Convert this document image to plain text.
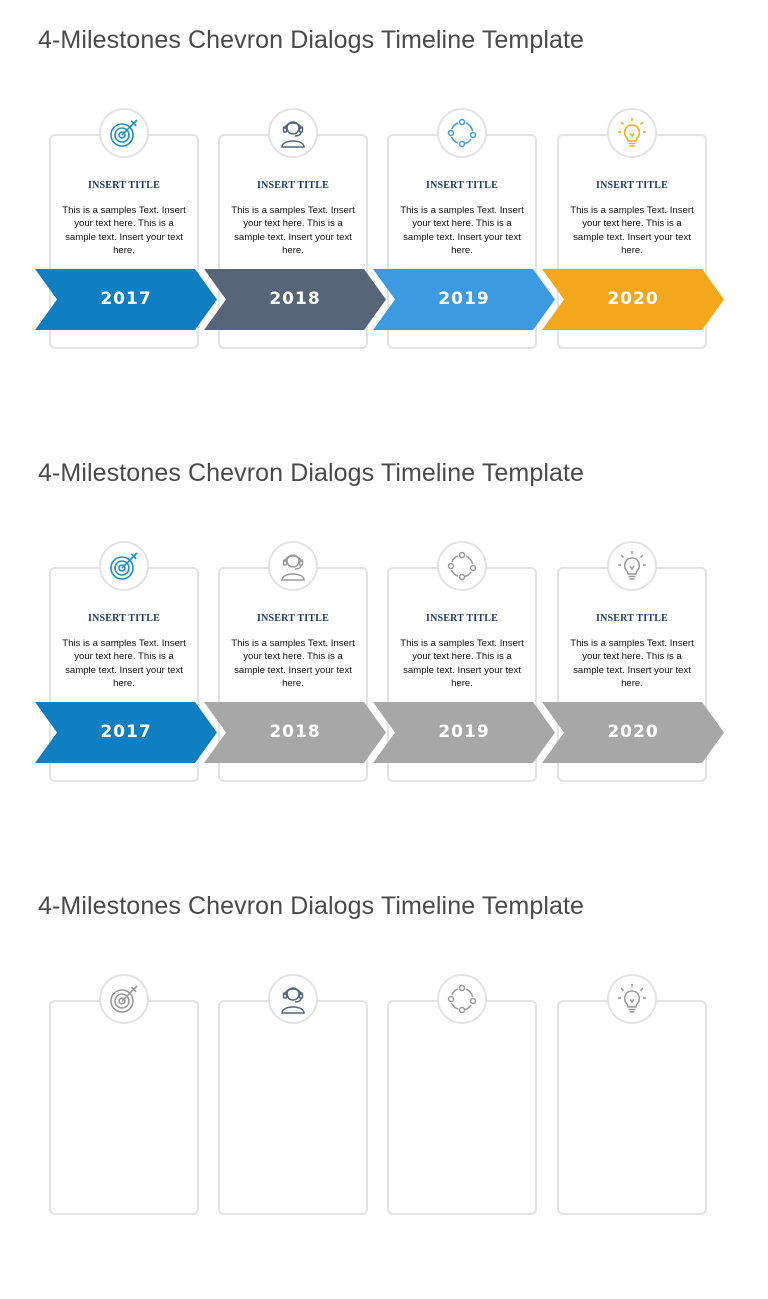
4-Milestones Chevron Dialogs Timeline Template
INSERT TITLE	INSERT TITLE	INSERT TITLE	INSERT TITLE
This is a samples Text. Insert your text here. This is a sample text. Insert your text here.
This is a samples Text. Insert your text here. This is a sample text. Insert your text here.
This is a samples Text. Insert your text here. This is a sample text. Insert your text here.
This is a samples Text. Insert your text here. This is a sample text. Insert your text here.
2017	2018	2019	2020
4-Milestones Chevron Dialogs Timeline Template
INSERT TITLE	INSERT TITLE	INSERT TITLE	INSERT TITLE
This is a samples Text. Insert your text here. This is a sample text. Insert your text here.
This is a samples Text. Insert your text here. This is a sample text. Insert your text here.
This is a samples Text. Insert your text here. This is a sample text. Insert your text here.
This is a samples Text. Insert your text here. This is a sample text. Insert your text here.
2017	2018	2019	2020
4-Milestones Chevron Dialogs Timeline Template
